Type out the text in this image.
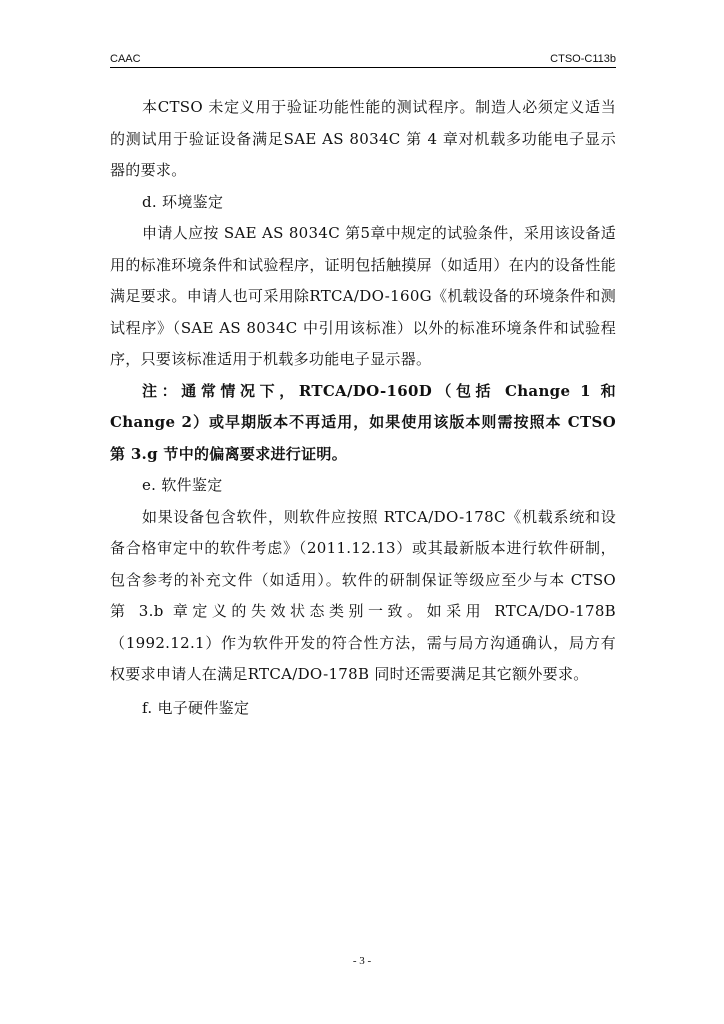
CAAC	CTSO-C113b

本CTSO 未定义用于验证功能性能的测试程序。制造人必须定义适当的测试用于验证设备满足SAE AS 8034C 第 4 章对机载多功能电子显示器的要求。

d. 环境鉴定

申请人应按 SAE AS 8034C 第5章中规定的试验条件，采用该设备适用的标准环境条件和试验程序，证明包括触摸屏（如适用）在内的设备性能满足要求。申请人也可采用除RTCA/DO-160G《机载设备的环境条件和测试程序》（SAE AS 8034C 中引用该标准）以外的标准环境条件和试验程序，只要该标准适用于机载多功能电子显示器。

注：通常情况下，RTCA/DO-160D（包括 Change 1 和 Change 2）或早期版本不再适用，如果使用该版本则需按照本 CTSO 第 3.g 节中的偏离要求进行证明。

e. 软件鉴定

如果设备包含软件，则软件应按照 RTCA/DO-178C《机载系统和设备合格审定中的软件考虑》（2011.12.13）或其最新版本进行软件研制，包含参考的补充文件（如适用）。软件的研制保证等级应至少与本 CTSO 第 3.b 章定义的失效状态类别一致。如采用 RTCA/DO-178B（1992.12.1）作为软件开发的符合性方法，需与局方沟通确认，局方有权要求申请人在满足RTCA/DO-178B 同时还需要满足其它额外要求。

f. 电子硬件鉴定

- 3 -
